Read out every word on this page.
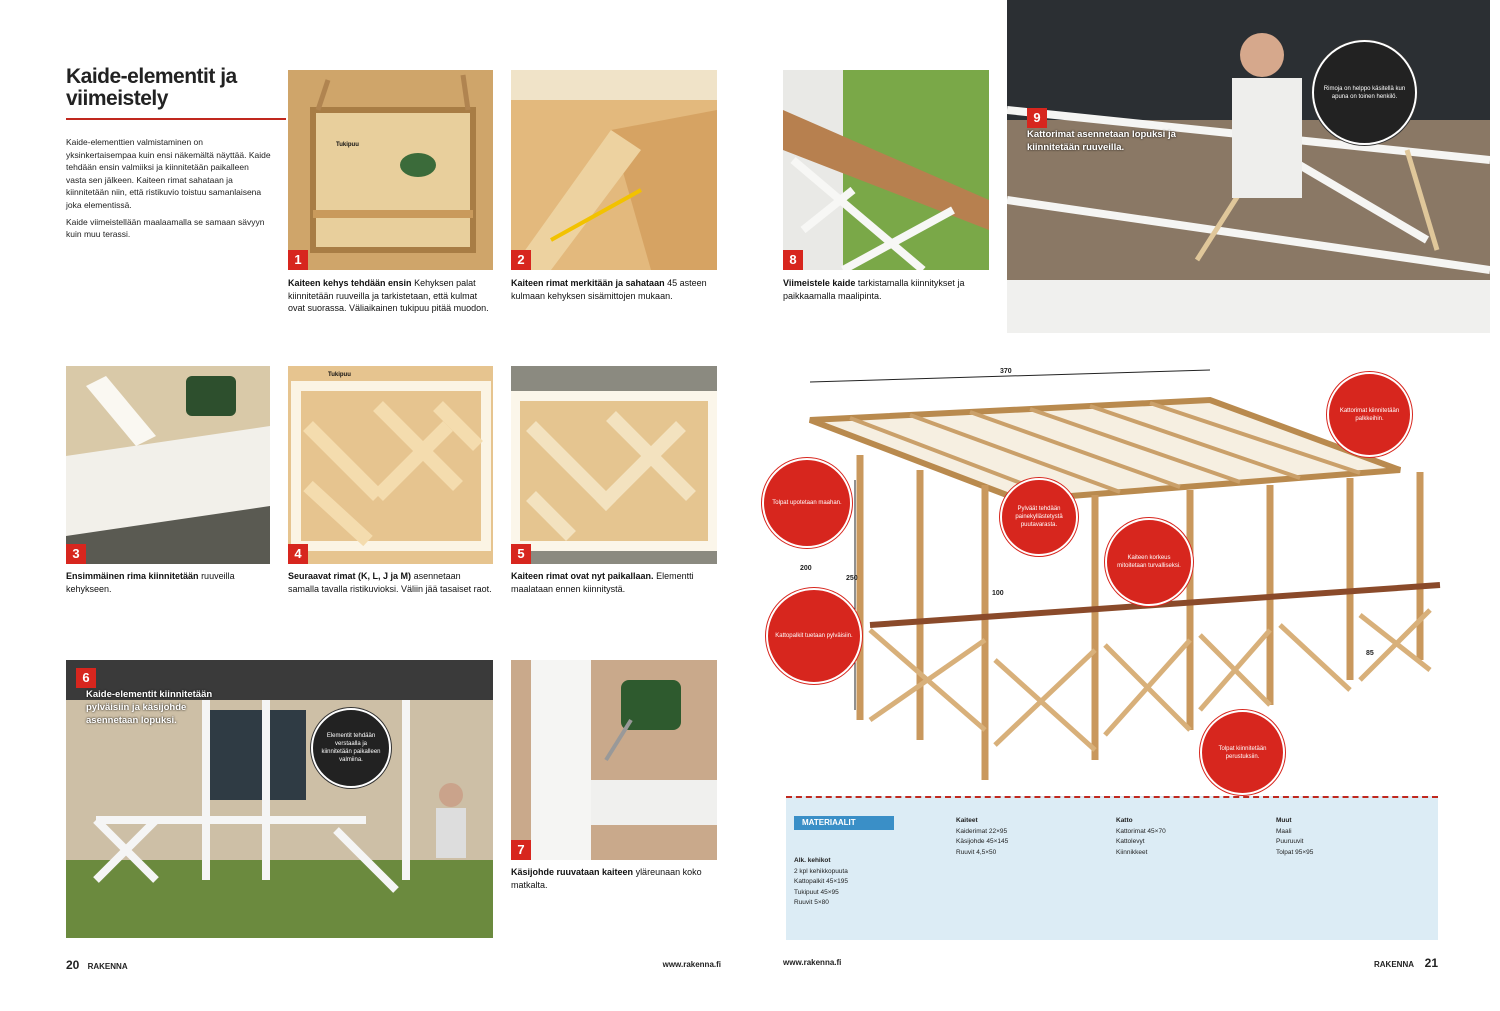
Kaide-elementit ja viimeistely

Kaide-elementtien valmistaminen on yksinkertaisempaa kuin ensi näkemältä näyttää. Kaide tehdään ensin valmiiksi ja kiinnitetään paikalleen vasta sen jälkeen. Kaiteen rimat sahataan ja kiinnitetään niin, että ristikuvio toistuu samanlaisena joka elementissä.

Kaide viimeistellään maalaamalla se samaan sävyyn kuin muu terassi.

Tukipuu
1
Kaiteen kehys tehdään ensin Kehyksen palat kiinnitetään ruuveilla ja tarkistetaan, että kulmat ovat suorassa. Väliaikainen tukipuu pitää muodon.
2
Kaiteen rimat merkitään ja sahataan 45 asteen kulmaan kehyksen sisämittojen mukaan.
3
Ensimmäinen rima kiinnitetään ruuveilla kehykseen.
Tukipuu
4
Seuraavat rimat (K, L, J ja M) asennetaan samalla tavalla ristikuvioksi. Väliin jää tasaiset raot.
5
Kaiteen rimat ovat nyt paikallaan. Elementti maalataan ennen kiinnitystä.
6
Kaide-elementit kiinnitetään pylväisiin ja käsijohde asennetaan lopuksi.
Elementit tehdään verstaalla ja kiinnitetään paikalleen valmiina.
7
Käsijohde ruuvataan kaiteen yläreunaan koko matkalta.
20 RAKENNA	www.rakenna.fi
8
Viimeistele kaide tarkistamalla kiinnitykset ja paikkaamalla maalipinta.
9
Kattorimat asennetaan lopuksi ja kiinnitetään ruuveilla.
Rimoja on helppo käsitellä kun apuna on toinen henkilö.
370
200
250
100
85
Kattorimat kiinnitetään palkkeihin.
Tolpat upotetaan maahan.
Pylväät tehdään painekyllästetystä puutavarasta.
Kaiteen korkeus mitoitetaan turvalliseksi.
Kattopalkit tuetaan pylväisiin.
Tolpat kiinnitetään perustuksiin.
MATERIAALIT
Alk. kehikot
2 kpl kehikkopuuta
Kattopalkit 45×195
Tukipuut 45×95
Ruuvit 5×80
Kaiteet
Kaiderimat 22×95
Käsijohde 45×145
Ruuvit 4,5×50
Katto
Kattorimat 45×70
Kattolevyt
Kiinnikkeet
Muut
Maali
Puuruuvit
Tolpat 95×95
www.rakenna.fi	RAKENNA 21
